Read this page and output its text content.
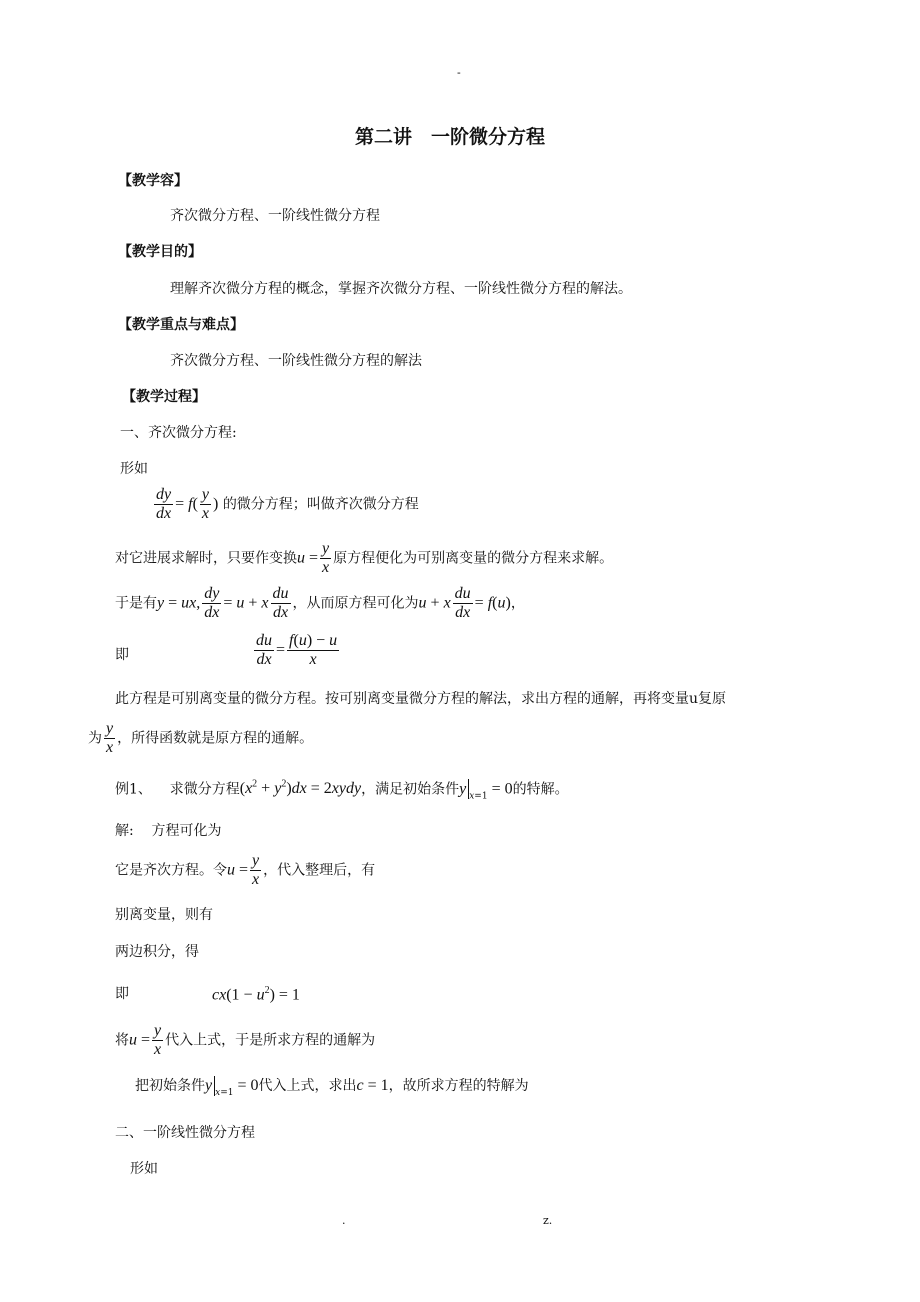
-
第二讲　一阶微分方程
【教学容】
齐次微分方程、一阶线性微分方程
【教学目的】
理解齐次微分方程的概念，掌握齐次微分方程、一阶线性微分方程的解法。
【教学重点与难点】
齐次微分方程、一阶线性微分方程的解法
【教学过程】
一、齐次微分方程:
形如
$\frac{dy}{dx} = f( \frac{y}{x}$ ) 的微分方程；叫做齐次微分方程
对它进展求解时，只要作变换$u = \frac{y}{x}$ 原方程便化为可别离变量的微分方程来求解。
于是有y = ux, $\frac{dy}{dx} = u + x \frac{du}{dx}$ ，从而原方程可化为u + x $\frac{du}{dx} = f(u)$，
即	$\frac{du}{dx} = \frac{f(u) - u}{x}$
此方程是可别离变量的微分方程。按可别离变量微分方程的解法，求出方程的通解，再将变量u复原
为 $\frac{y}{x}$ ，所得函数就是原方程的通解。
例1、 求微分方程$(x^2 + y^2)dx$ = 2xydy，满足初始条件y $_{x=1}$ = 0的特解。
解: 方程可化为
它是齐次方程。令$u = \frac{y}{x}$ ，代入整理后，有
别离变量，则有
两边积分，得
即	$cx(1 - u^2) = 1$
将$u = \frac{y}{x}$ 代入上式，于是所求方程的通解为
把初始条件y $_{x=1}$ = 0代入上式，求出c = 1，故所求方程的特解为
二、一阶线性微分方程
形如
.	z.
